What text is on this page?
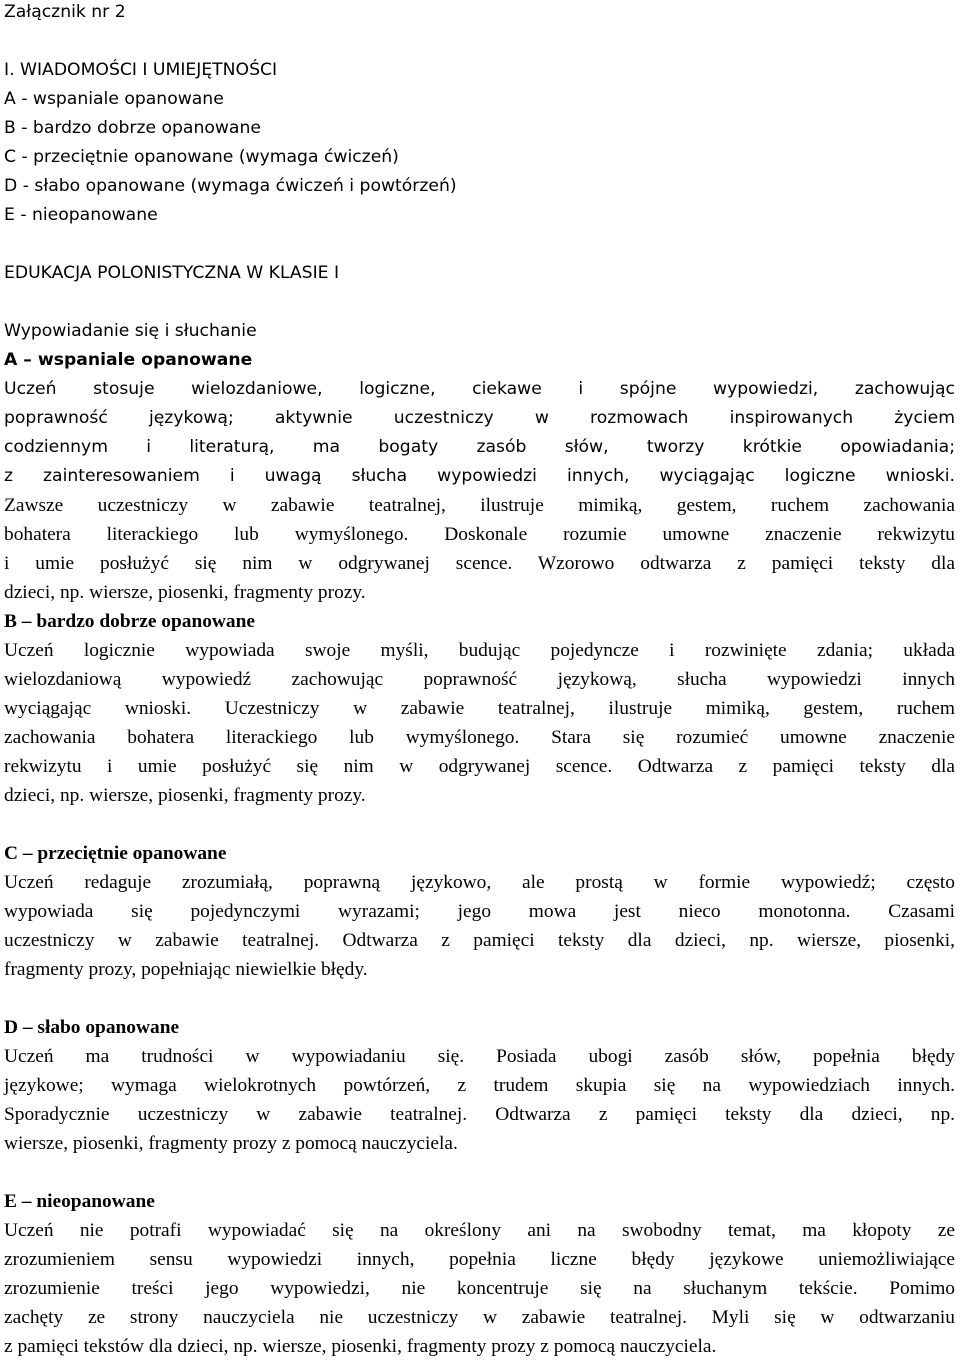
Załącznik nr 2
I. WIADOMOŚCI I UMIEJĘTNOŚCI
A - wspaniale opanowane
B - bardzo dobrze opanowane
C - przeciętnie opanowane (wymaga ćwiczeń)
D - słabo opanowane (wymaga ćwiczeń i powtórzeń)
E - nieopanowane
EDUKACJA POLONISTYCZNA W KLASIE I
Wypowiadanie się i słuchanie
A – wspaniale opanowane
Uczeń stosuje wielozdaniowe, logiczne, ciekawe i spójne wypowiedzi, zachowując
poprawność językową; aktywnie uczestniczy w rozmowach inspirowanych życiem
codziennym i literaturą, ma bogaty zasób słów, tworzy krótkie opowiadania;
z zainteresowaniem i uwagą słucha wypowiedzi innych, wyciągając logiczne wnioski.
Zawsze uczestniczy w zabawie teatralnej, ilustruje mimiką, gestem, ruchem zachowania
bohatera literackiego lub wymyślonego. Doskonale rozumie umowne znaczenie rekwizytu
i umie posłużyć się nim w odgrywanej scence. Wzorowo odtwarza z pamięci teksty dla
dzieci, np. wiersze, piosenki, fragmenty prozy.
B – bardzo dobrze opanowane
Uczeń logicznie wypowiada swoje myśli, budując pojedyncze i rozwinięte zdania; układa
wielozdaniową wypowiedź zachowując poprawność językową, słucha wypowiedzi innych
wyciągając wnioski. Uczestniczy w zabawie teatralnej, ilustruje mimiką, gestem, ruchem
zachowania bohatera literackiego lub wymyślonego. Stara się rozumieć umowne znaczenie
rekwizytu i umie posłużyć się nim w odgrywanej scence. Odtwarza z pamięci teksty dla
dzieci, np. wiersze, piosenki, fragmenty prozy.
C – przeciętnie opanowane
Uczeń redaguje zrozumiałą, poprawną językowo, ale prostą w formie wypowiedź; często
wypowiada się pojedynczymi wyrazami; jego mowa jest nieco monotonna. Czasami
uczestniczy w zabawie teatralnej. Odtwarza z pamięci teksty dla dzieci, np. wiersze, piosenki,
fragmenty prozy, popełniając niewielkie błędy.
D – słabo opanowane
Uczeń ma trudności w wypowiadaniu się. Posiada ubogi zasób słów, popełnia błędy
językowe; wymaga wielokrotnych powtórzeń, z trudem skupia się na wypowiedziach innych.
Sporadycznie uczestniczy w zabawie teatralnej. Odtwarza z pamięci teksty dla dzieci, np.
wiersze, piosenki, fragmenty prozy z pomocą nauczyciela.
E – nieopanowane
Uczeń nie potrafi wypowiadać się na określony ani na swobodny temat, ma kłopoty ze
zrozumieniem sensu wypowiedzi innych, popełnia liczne błędy językowe uniemożliwiające
zrozumienie treści jego wypowiedzi, nie koncentruje się na słuchanym tekście. Pomimo
zachęty ze strony nauczyciela nie uczestniczy w zabawie teatralnej. Myli się w odtwarzaniu
z pamięci tekstów dla dzieci, np. wiersze, piosenki, fragmenty prozy z pomocą nauczyciela.
